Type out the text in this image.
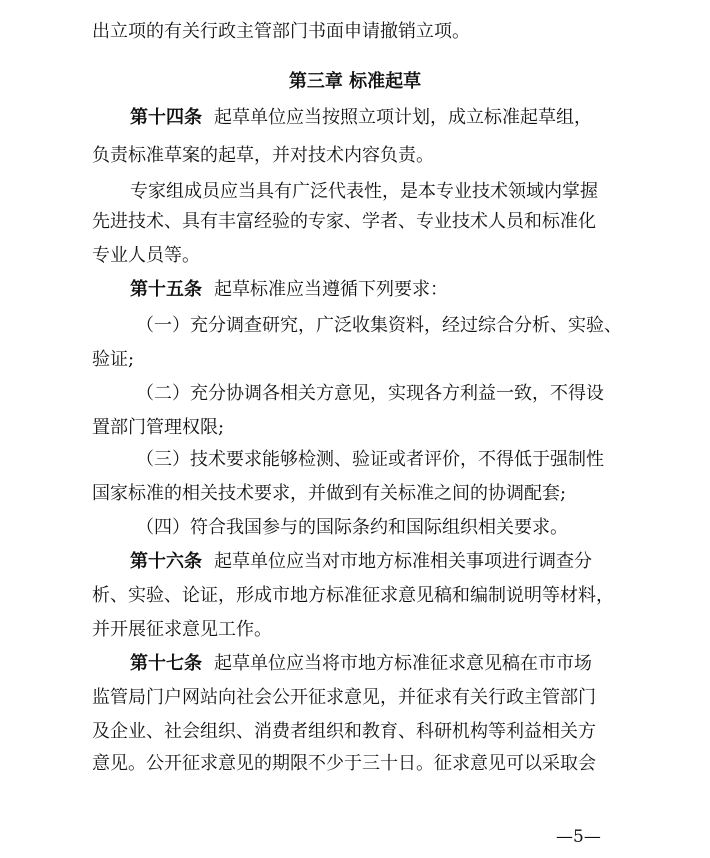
出立项的有关行政主管部门书面申请撤销立项。
第三章 标准起草
第十四条 起草单位应当按照立项计划，成立标准起草组，
负责标准草案的起草，并对技术内容负责。
专家组成员应当具有广泛代表性，是本专业技术领域内掌握
先进技术、具有丰富经验的专家、学者、专业技术人员和标准化
专业人员等。
第十五条 起草标准应当遵循下列要求：
（一）充分调查研究，广泛收集资料，经过综合分析、实验、
验证;
（二）充分协调各相关方意见，实现各方利益一致，不得设
置部门管理权限;
（三）技术要求能够检测、验证或者评价，不得低于强制性
国家标准的相关技术要求，并做到有关标准之间的协调配套;
（四）符合我国参与的国际条约和国际组织相关要求。
第十六条 起草单位应当对市地方标准相关事项进行调查分
析、实验、论证，形成市地方标准征求意见稿和编制说明等材料，
并开展征求意见工作。
第十七条 起草单位应当将市地方标准征求意见稿在市市场
监管局门户网站向社会公开征求意见，并征求有关行政主管部门
及企业、社会组织、消费者组织和教育、科研机构等利益相关方
意见。公开征求意见的期限不少于三十日。征求意见可以采取会
—5—
